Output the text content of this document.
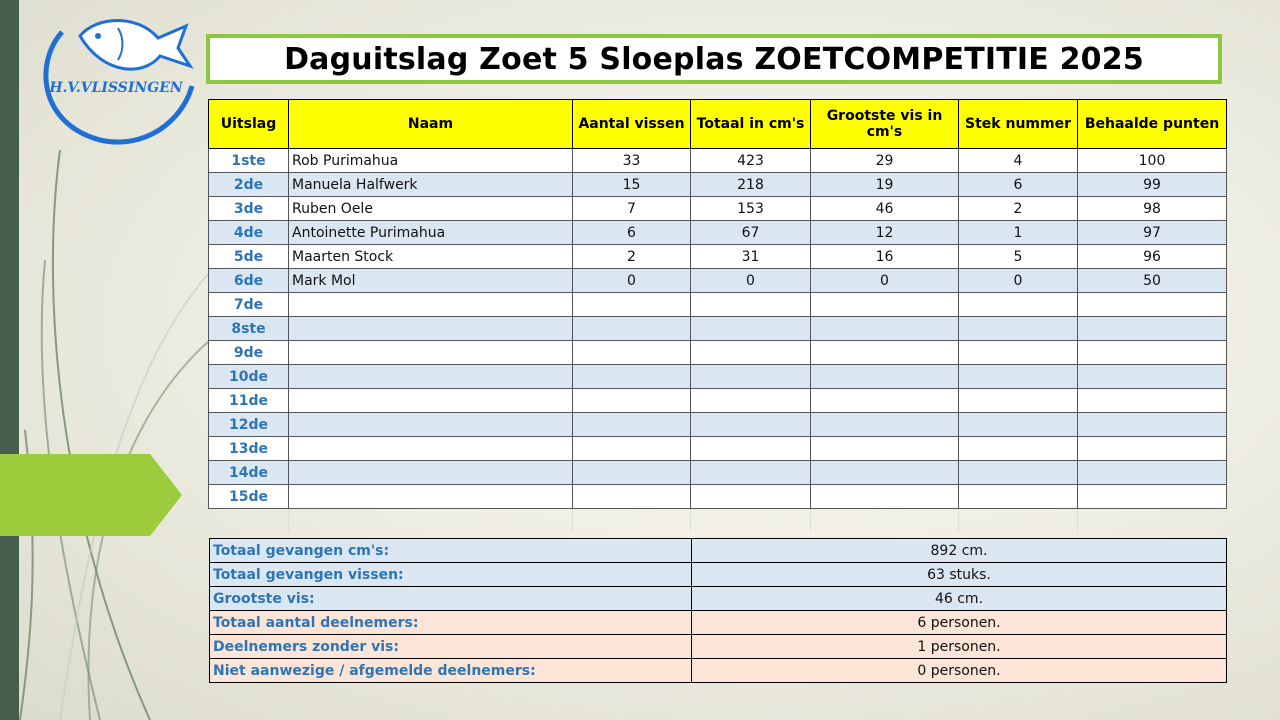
H.V.VLISSINGEN
Daguitslag Zoet 5 Sloeplas ZOETCOMPETITIE 2025
Uitslag	Naam	Aantal vissen	Totaal in cm's	Grootste vis in cm's	Stek nummer	Behaalde punten
1ste	Rob Purimahua	33	423	29	4	100
2de	Manuela Halfwerk	15	218	19	6	99
3de	Ruben Oele	7	153	46	2	98
4de	Antoinette Purimahua	6	67	12	1	97
5de	Maarten Stock	2	31	16	5	96
6de	Mark Mol	0	0	0	0	50
7de						
8ste						
9de						
10de						
11de						
12de						
13de						
14de						
15de						

Totaal gevangen cm's:	892 cm.
Totaal gevangen vissen:	63 stuks.
Grootste vis:	46 cm.
Totaal aantal deelnemers:	6 personen.
Deelnemers zonder vis:	1 personen.
Niet aanwezige / afgemelde deelnemers:	0 personen.
